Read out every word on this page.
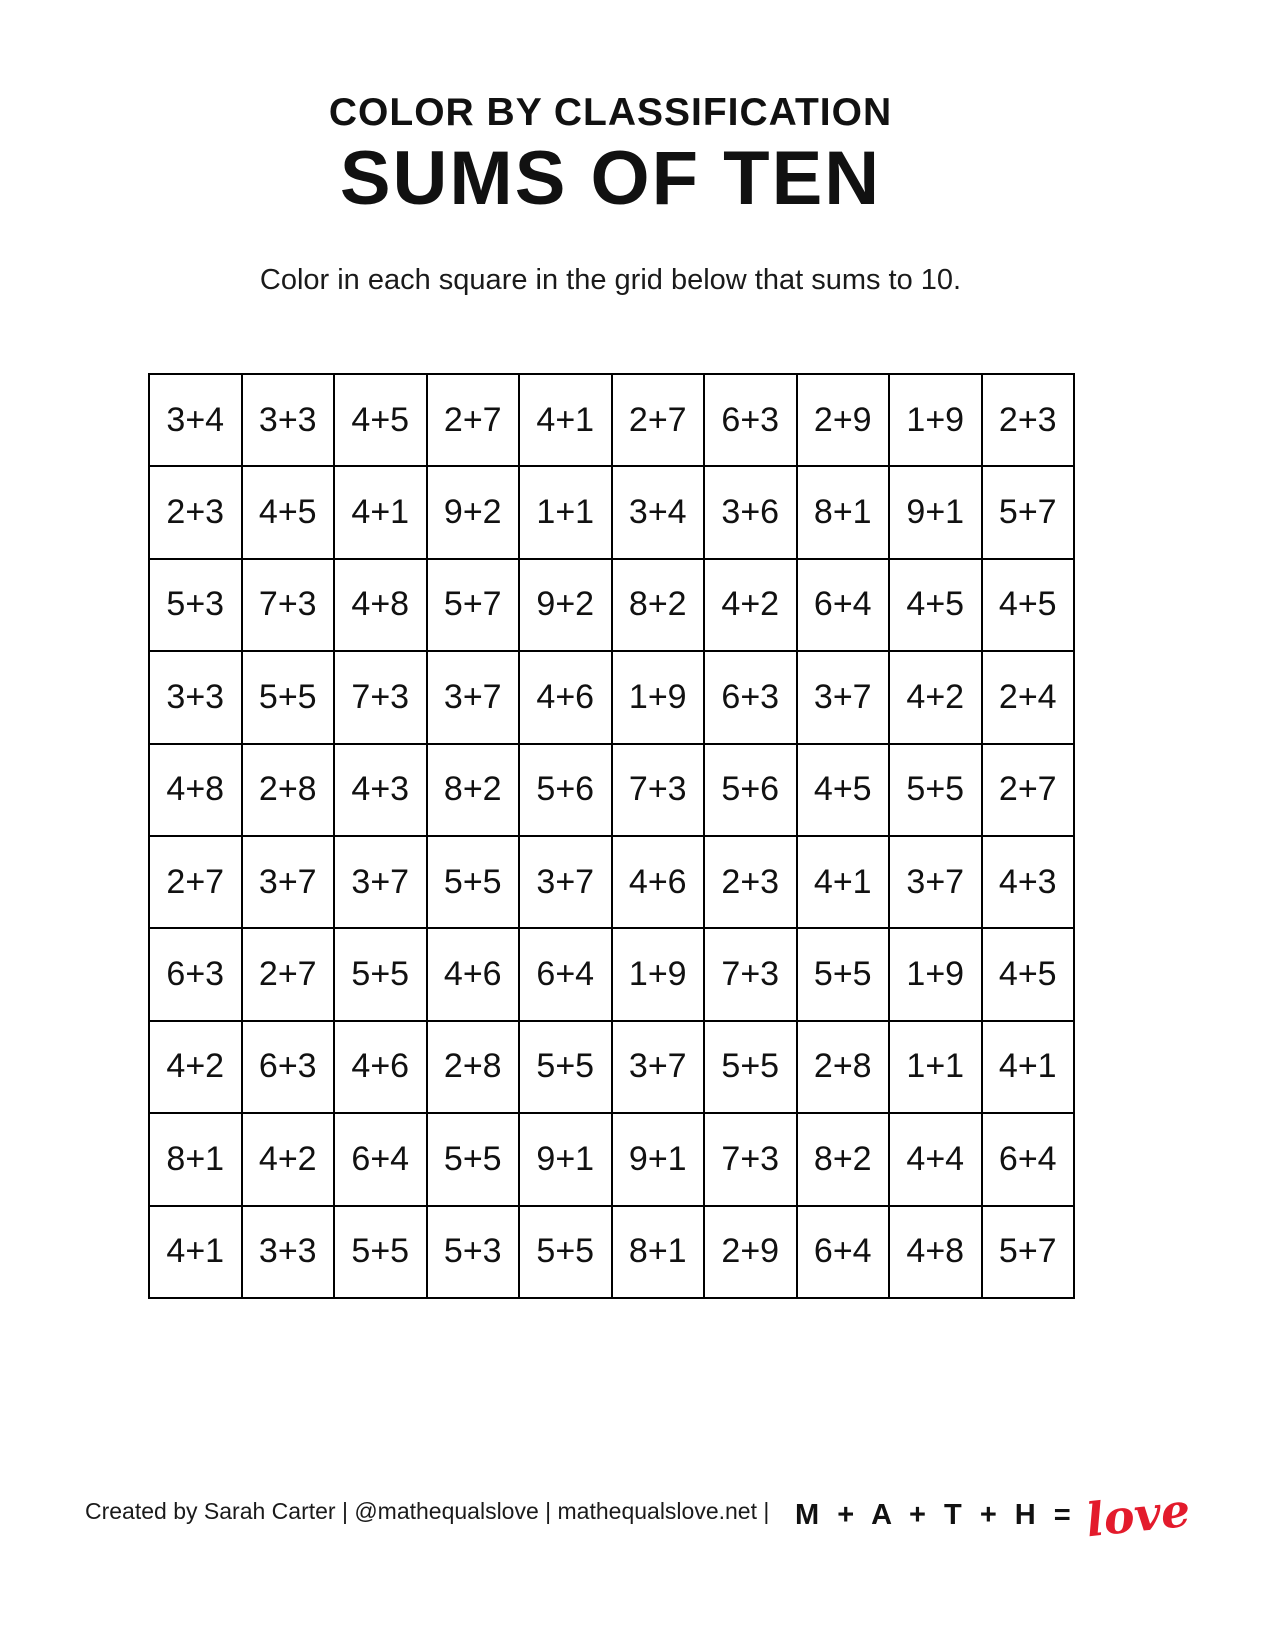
COLOR BY CLASSIFICATION
SUMS OF TEN
Color in each square in the grid below that sums to 10.
3+4	3+3	4+5	2+7	4+1	2+7	6+3	2+9	1+9	2+3
2+3	4+5	4+1	9+2	1+1	3+4	3+6	8+1	9+1	5+7
5+3	7+3	4+8	5+7	9+2	8+2	4+2	6+4	4+5	4+5
3+3	5+5	7+3	3+7	4+6	1+9	6+3	3+7	4+2	2+4
4+8	2+8	4+3	8+2	5+6	7+3	5+6	4+5	5+5	2+7
2+7	3+7	3+7	5+5	3+7	4+6	2+3	4+1	3+7	4+3
6+3	2+7	5+5	4+6	6+4	1+9	7+3	5+5	1+9	4+5
4+2	6+3	4+6	2+8	5+5	3+7	5+5	2+8	1+1	4+1
8+1	4+2	6+4	5+5	9+1	9+1	7+3	8+2	4+4	6+4
4+1	3+3	5+5	5+3	5+5	8+1	2+9	6+4	4+8	5+7
Created by Sarah Carter | @mathequalslove | mathequalslove.net | M + A + T + H = love
